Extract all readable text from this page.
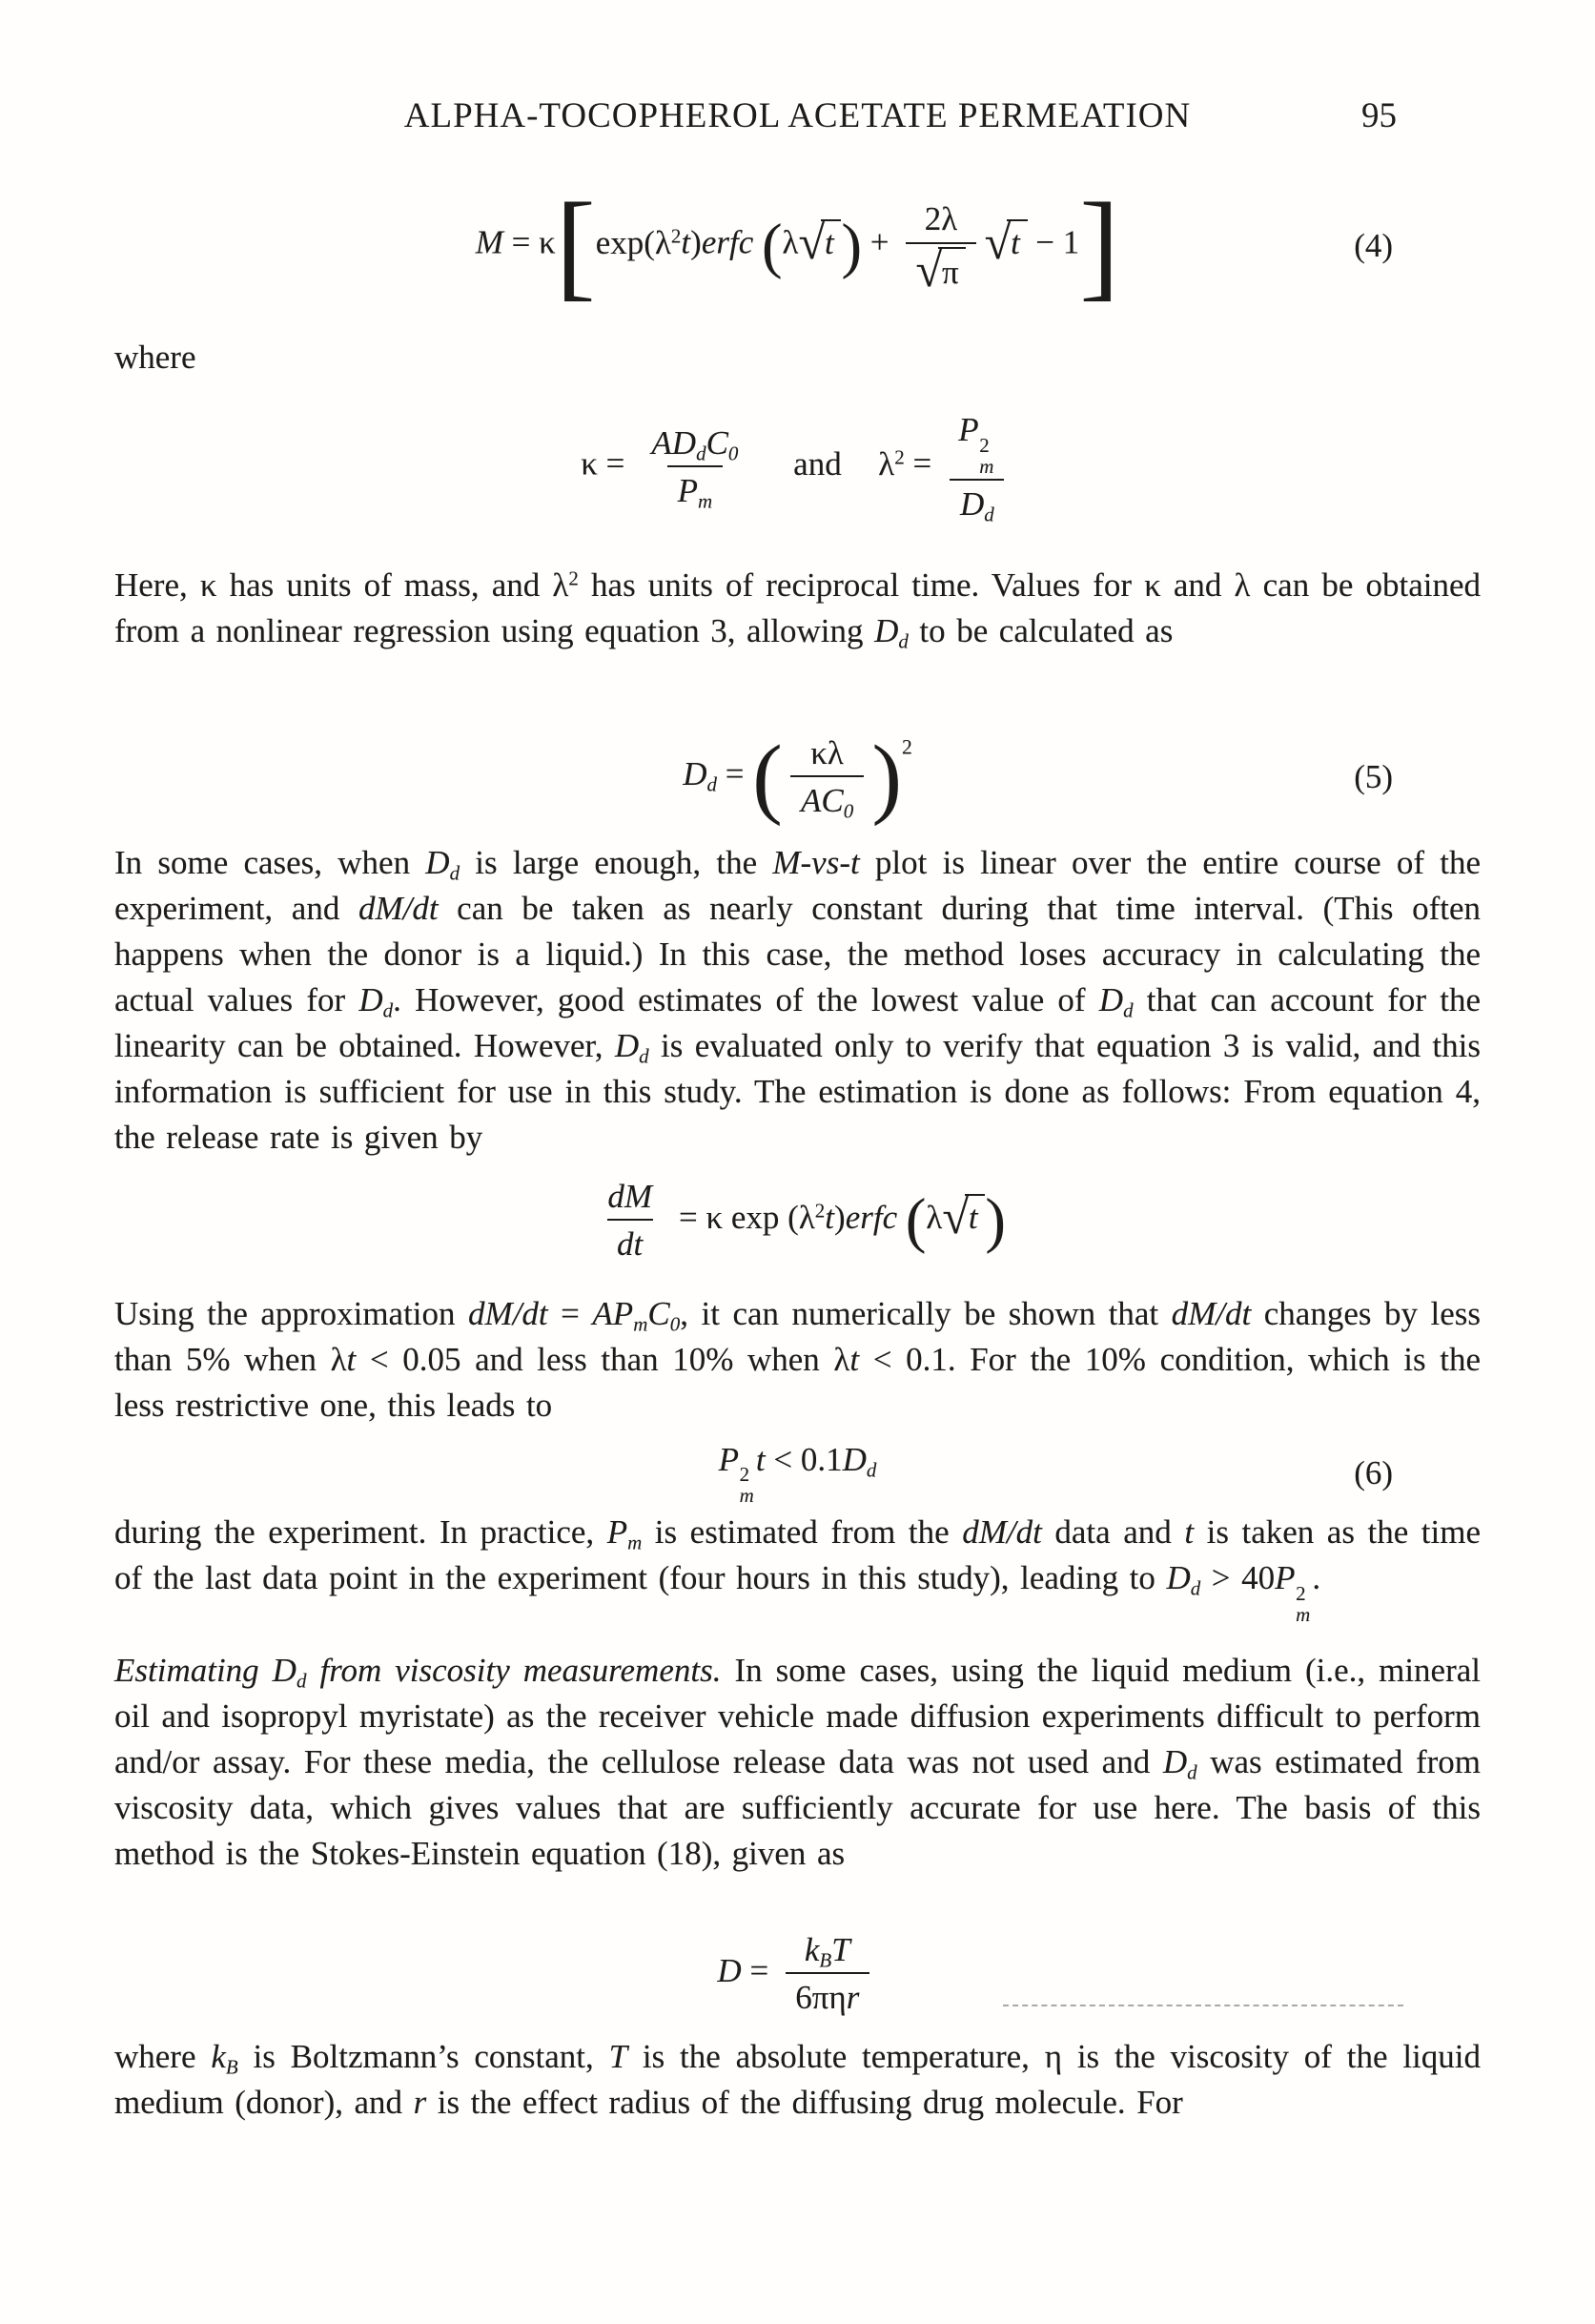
ALPHA-TOCOPHEROL ACETATE PERMEATION	95
$M = \kappa[\exp(\lambda^2t)erfc$ (λ√t ) + $\frac{2\lambda}{√\pi} √t - 1$]	(4)

where

$\kappa = \frac{AD_dC_0}{P_m}$ and $\lambda^2 = P$ 2
m
$D_d$

Here, κ has units of mass, and $\lambda^2$ has units of reciprocal time. Values for κ and λ can be obtained from a nonlinear regression using equation 3, allowing $D_d$ to be calculated as

$D_d$ = ( $\frac{\kappa\lambda}{AC_0} )^2$
(5)

In some cases, when $D_d$ is large enough, the M-vs-t plot is linear over the entire course of the experiment, and dM/dt can be taken as nearly constant during that time interval. (This often happens when the donor is a liquid.) In this case, the method loses accuracy in calculating the actual values for $D_d$. However, good estimates of the lowest value of $D_d$ that can account for the linearity can be obtained. However, $D_d$ is evaluated only to verify that equation 3 is valid, and this information is sufficient for use in this study. The estimation is done as follows: From equation 4, the release rate is given by

$\frac{dM}{dt} = \kappa$ $\exp (\lambda^2t)erfc$ (λ√t )

Using the approximation $dM/dt = AP_mC_0$, it can numerically be shown that dM/dt changes by less than 5% when λt < 0.05 and less than 10% when λt < 0.1. For the 10% condition, which is the less restrictive one, this leads to

P 2
m
$t < 0.1D_d$	(6)

during the experiment. In practice, $P_m$ is estimated from the dM/dt data and t is taken as the time of the last data point in the experiment (four hours in this study), leading to $D_d > 40P$ 2
m
.

Estimating $D_d$ from viscosity measurements. In some cases, using the liquid medium (i.e., mineral oil and isopropyl myristate) as the receiver vehicle made diffusion experiments difficult to perform and/or assay. For these media, the cellulose release data was not used and $D_d$ was estimated from viscosity data, which gives values that are sufficiently accurate for use here. The basis of this method is the Stokes-Einstein equation (18), given as

$D = \frac{k_BT}{\text{6πηr}}$

where $k_B$ is Boltzmann’s constant, T is the absolute temperature, η is the viscosity of the liquid medium (donor), and r is the effect radius of the diffusing drug molecule. For
